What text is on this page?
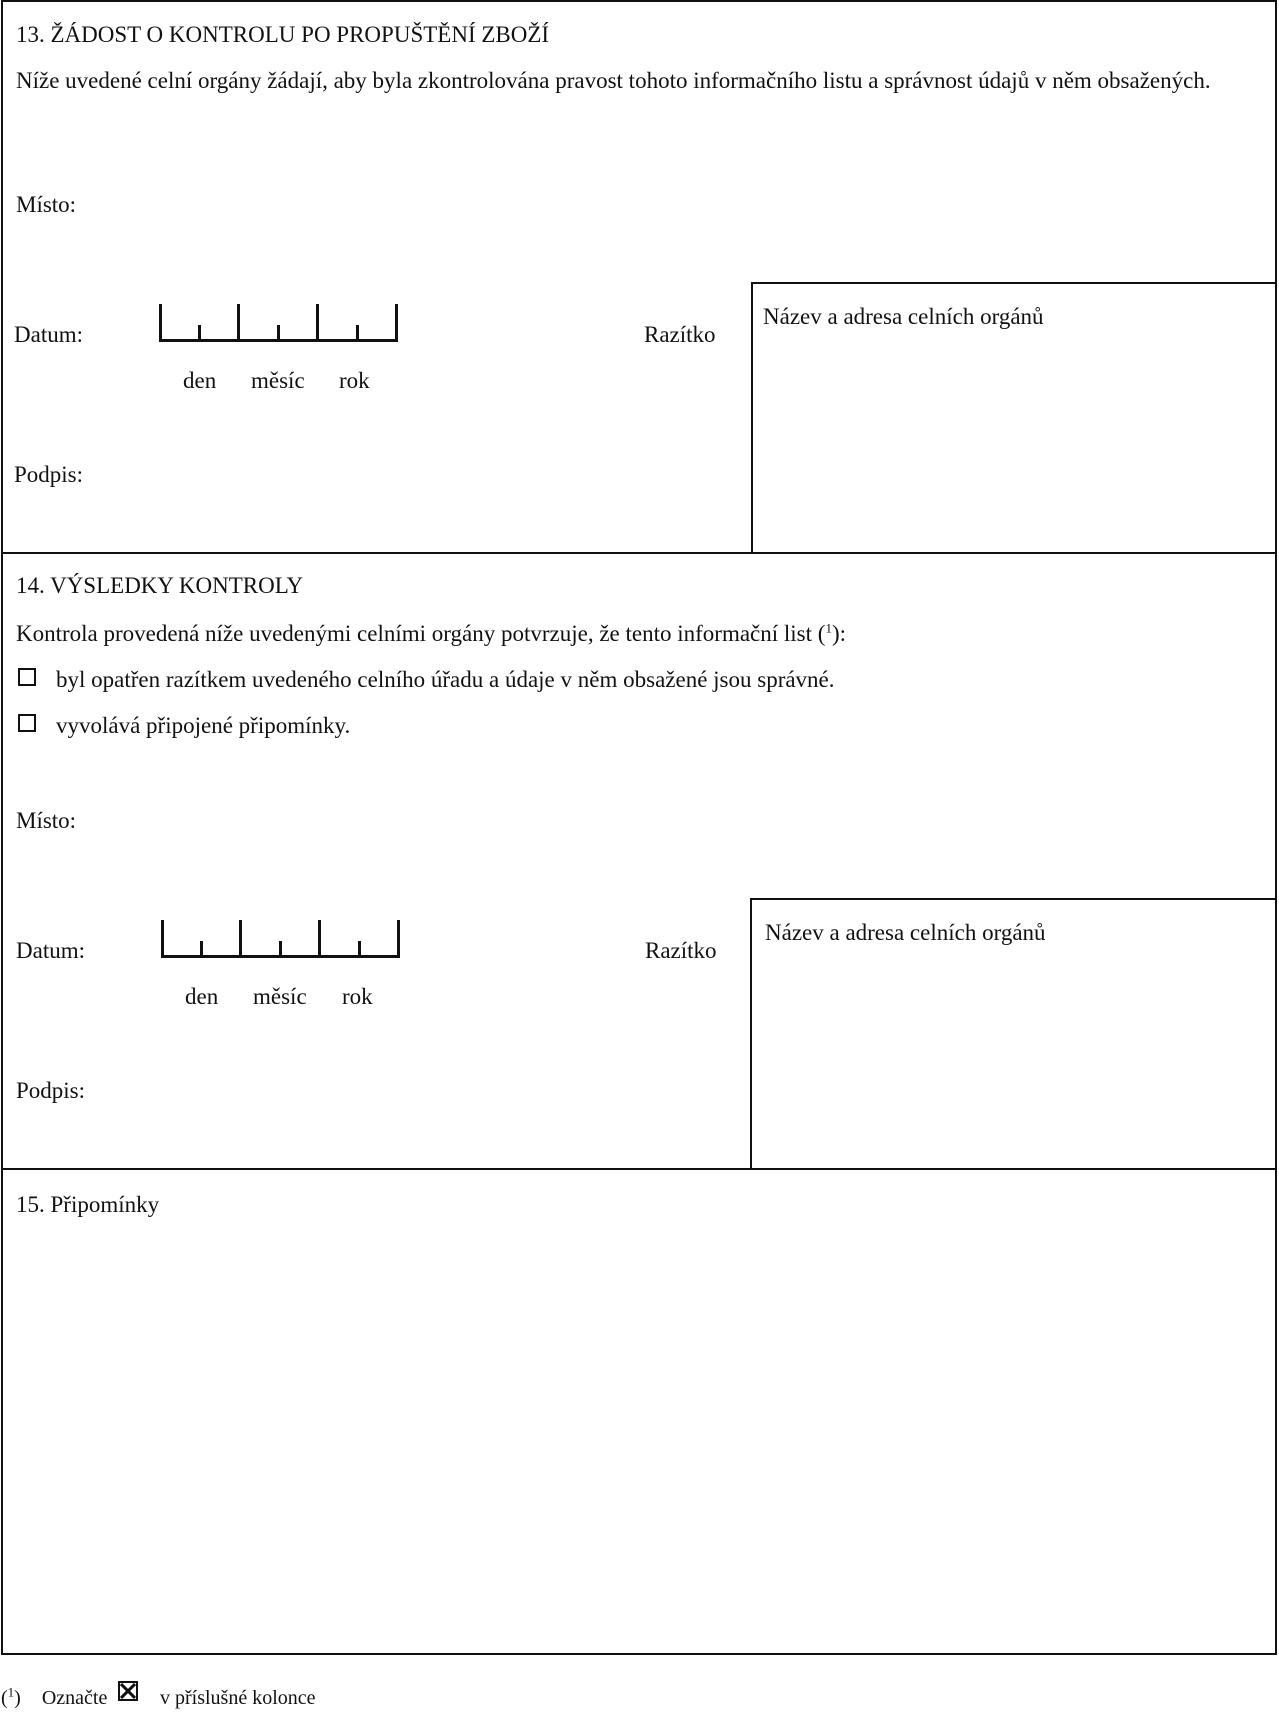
13. ŽÁDOST O KONTROLU PO PROPUŠTĚNÍ ZBOŽÍ
Níže uvedené celní orgány žádají, aby byla zkontrolována pravost tohoto informačního listu a správnost údajů v něm obsažených.
Místo:
Datum:
den měsíc rok
Razítko
Název a adresa celních orgánů
Podpis:
14. VÝSLEDKY KONTROLY
Kontrola provedená níže uvedenými celními orgány potvrzuje, že tento informační list ($^1$):
byl opatřen razítkem uvedeného celního úřadu a údaje v něm obsažené jsou správné.
vyvolává připojené připomínky.
Místo:
Datum:
den měsíc rok
Razítko
Název a adresa celních orgánů
Podpis:
15. Připomínky
($^1$) Označte ☒ v příslušné kolonce
